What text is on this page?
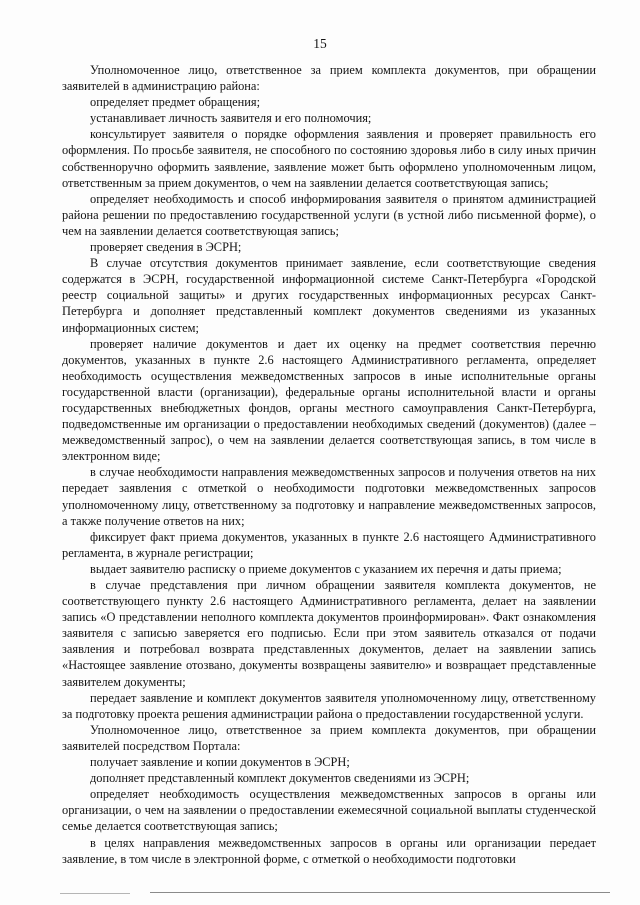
15

Уполномоченное лицо, ответственное за прием комплекта документов, при обращении заявителей в администрацию района:

определяет предмет обращения;

устанавливает личность заявителя и его полномочия;

консультирует заявителя о порядке оформления заявления и проверяет правильность его оформления. По просьбе заявителя, не способного по состоянию здоровья либо в силу иных причин собственноручно оформить заявление, заявление может быть оформлено уполномоченным лицом, ответственным за прием документов, о чем на заявлении делается соответствующая запись;

определяет необходимость и способ информирования заявителя о принятом администрацией района решении по предоставлению государственной услуги (в устной либо письменной форме), о чем на заявлении делается соответствующая запись;

проверяет сведения в ЭСРН;

В случае отсутствия документов принимает заявление, если соответствующие сведения содержатся в ЭСРН, государственной информационной системе Санкт-Петербурга «Городской реестр социальной защиты» и других государственных информационных ресурсах Санкт-Петербурга и дополняет представленный комплект документов сведениями из указанных информационных систем;

проверяет наличие документов и дает их оценку на предмет соответствия перечню документов, указанных в пункте 2.6 настоящего Административного регламента, определяет необходимость осуществления межведомственных запросов в иные исполнительные органы государственной власти (организации), федеральные органы исполнительной власти и органы государственных внебюджетных фондов, органы местного самоуправления Санкт-Петербурга, подведомственные им организации о предоставлении необходимых сведений (документов) (далее – межведомственный запрос), о чем на заявлении делается соответствующая запись, в том числе в электронном виде;

в случае необходимости направления межведомственных запросов и получения ответов на них передает заявления с отметкой о необходимости подготовки межведомственных запросов уполномоченному лицу, ответственному за подготовку и направление межведомственных запросов, а также получение ответов на них;

фиксирует факт приема документов, указанных в пункте 2.6 настоящего Административного регламента, в журнале регистрации;

выдает заявителю расписку о приеме документов с указанием их перечня и даты приема;

в случае представления при личном обращении заявителя комплекта документов, не соответствующего пункту 2.6 настоящего Административного регламента, делает на заявлении запись «О представлении неполного комплекта документов проинформирован». Факт ознакомления заявителя с записью заверяется его подписью. Если при этом заявитель отказался от подачи заявления и потребовал возврата представленных документов, делает на заявлении запись «Настоящее заявление отозвано, документы возвращены заявителю» и возвращает представленные заявителем документы;

передает заявление и комплект документов заявителя уполномоченному лицу, ответственному за подготовку проекта решения администрации района о предоставлении государственной услуги.

Уполномоченное лицо, ответственное за прием комплекта документов, при обращении заявителей посредством Портала:

получает заявление и копии документов в ЭСРН;

дополняет представленный комплект документов сведениями из ЭСРН;

определяет необходимость осуществления межведомственных запросов в органы или организации, о чем на заявлении о предоставлении ежемесячной социальной выплаты студенческой семье делается соответствующая запись;

в целях направления межведомственных запросов в органы или организации передает заявление, в том числе в электронной форме, с отметкой о необходимости подготовки
